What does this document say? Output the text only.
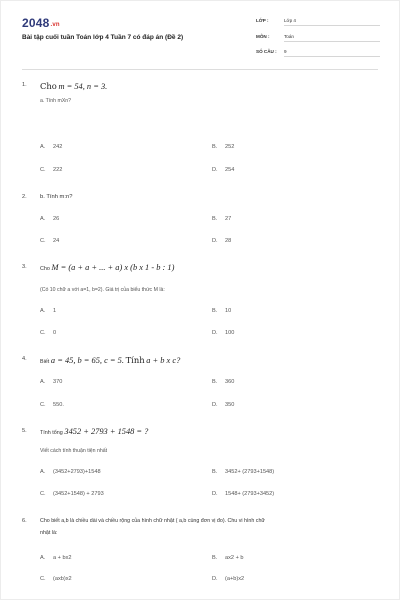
2048.vn
Bài tập cuối tuần Toán lớp 4 Tuần 7 có đáp án (Đề 2)
LỚP :	Lớp 4
MÔN :	Toán
SỐ CÂU : 9
1. Cho m = 54, n = 3.
a. Tính mXn?
A. 242	B. 252
C. 222	D. 254
2. b. Tính m:n?
A. 26	B. 27
C. 24	D. 28
3. Cho M = (a + a + ... + a) x (b x 1 - b : 1)
(Có 10 chữ a với a=1, b=2). Giá trị của biểu thức M là:
A. 1	B. 10
C. 0	D. 100
4. Biết a = 45, b = 65, c = 5. Tính a + b x c?
A. 370	B. 360
C. 550.	D. 350
5. Tính tổng 3452 + 2793 + 1548 = ?
Viết cách tính thuận tiện nhất
A. (3452+2793)+1548	B. 3452+ (2793+1548)
C. (3452+1548) + 2793	D. 1548+ (2793+3452)
6.	Cho biết a,b là chiều dài và chiều rộng của hình chữ nhật ( a,b cùng đơn vị đo). Chu vi hình chữ
nhật là:
A. a + bx2	B. ax2 + b
C. (axb)x2	D. (a+b)x2
